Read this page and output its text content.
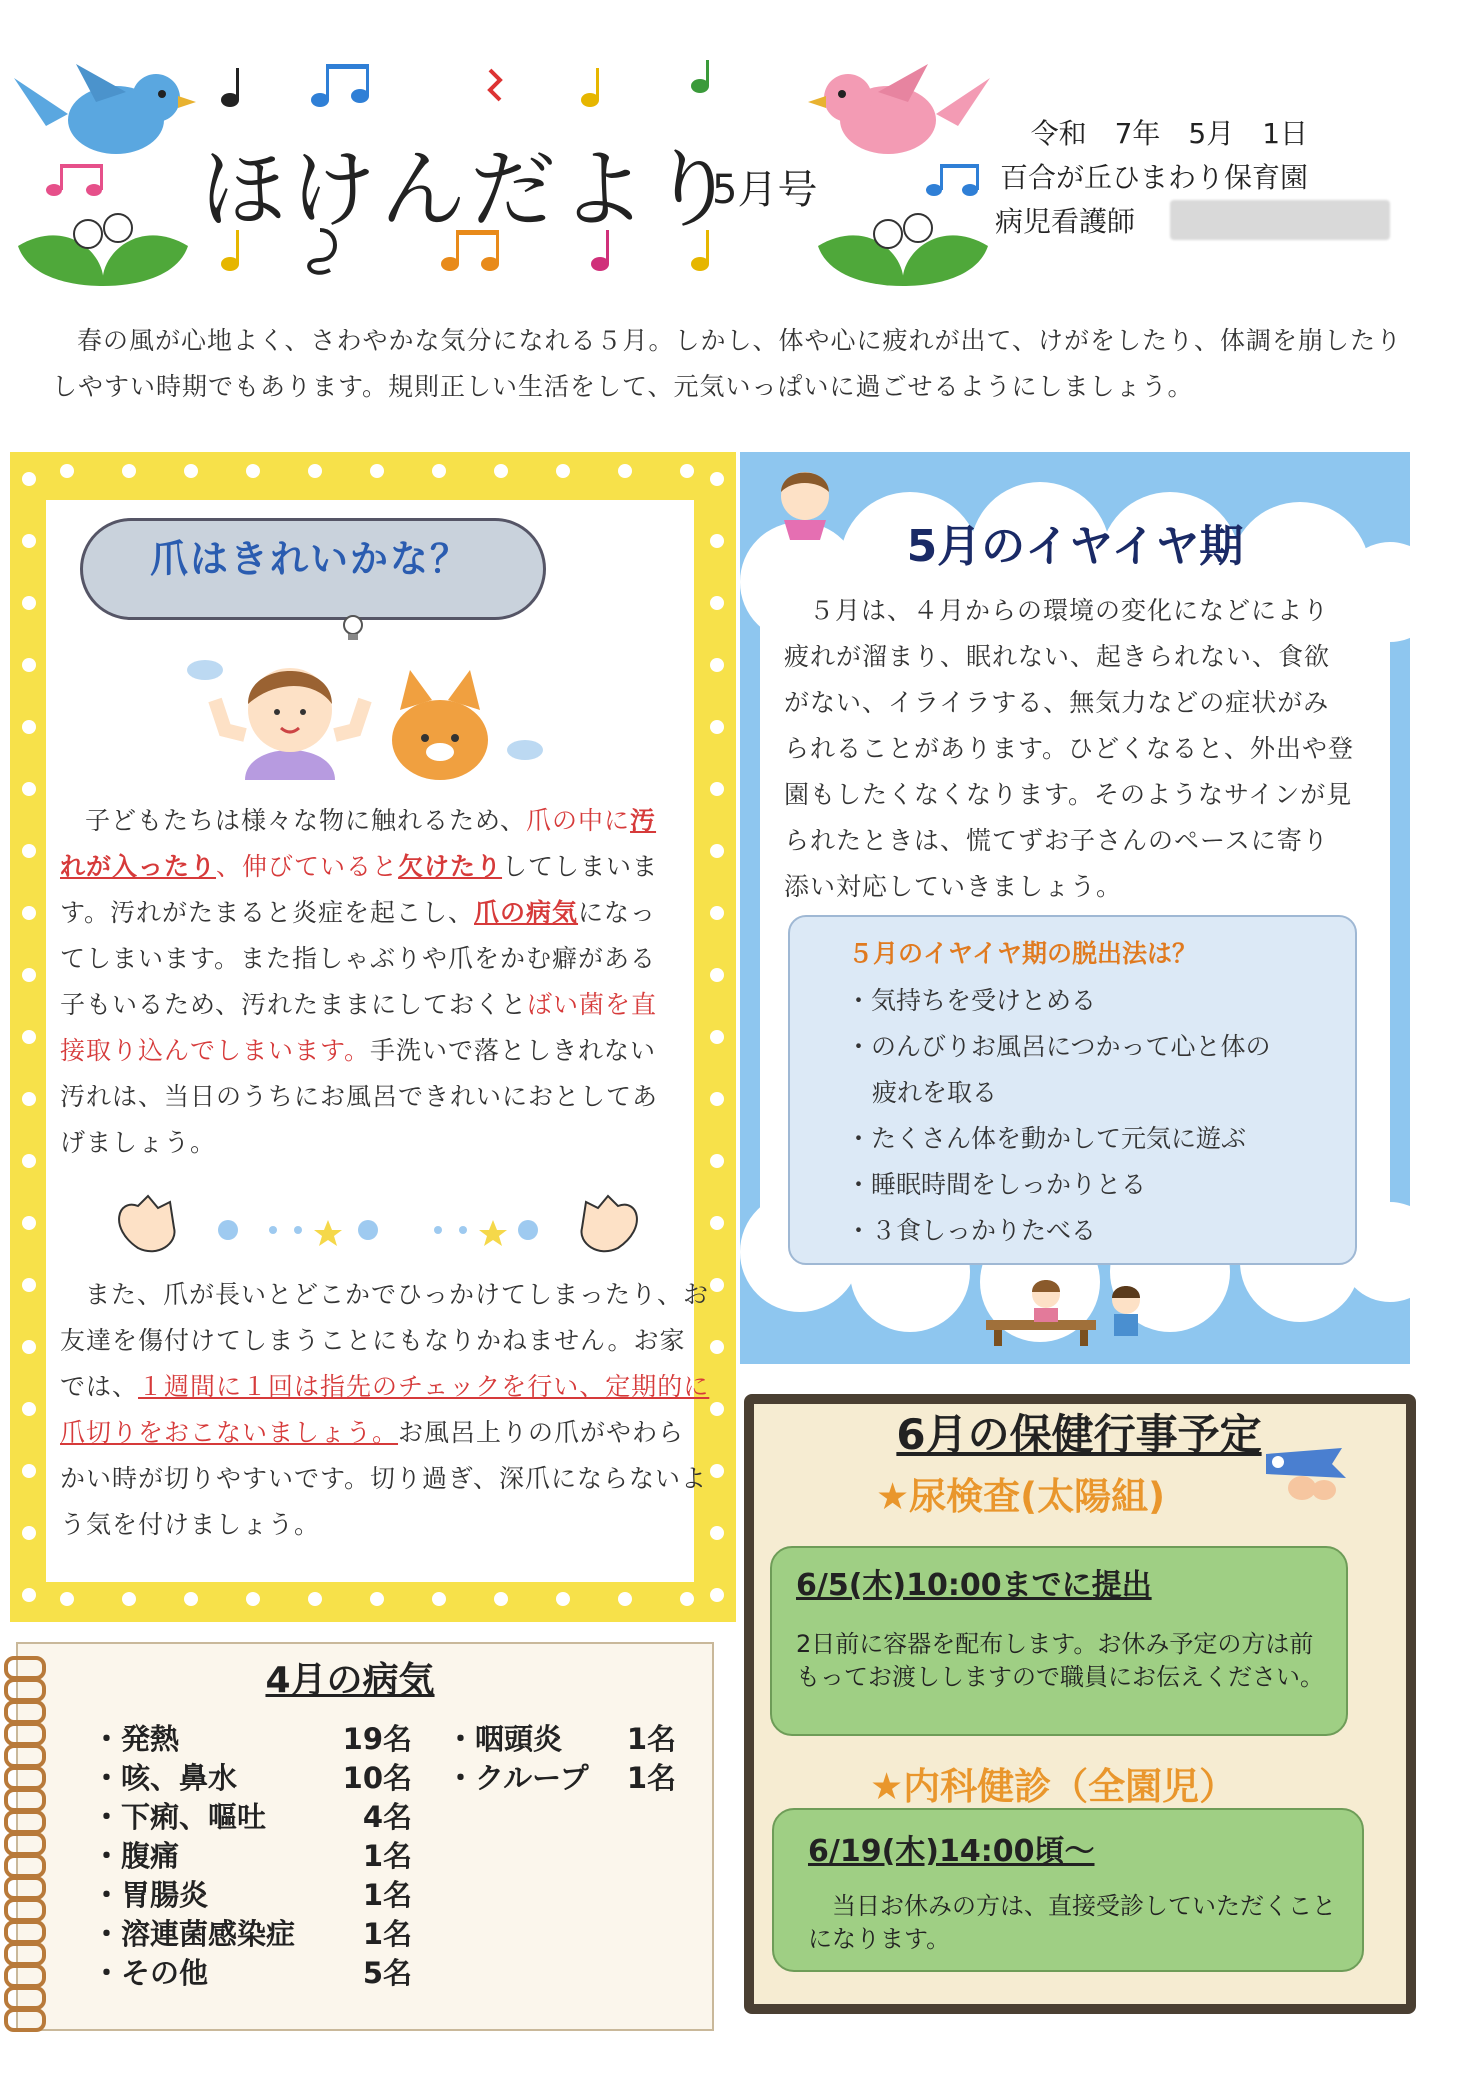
ほけんだより
5月号
令和　7年　5月　1日
百合が丘ひまわり保育園
病児看護師
春の風が心地よく、さわやかな気分になれる５月。しかし、体や心に疲れが出て、けがをしたり、体調を崩したりしやすい時期でもあります。規則正しい生活をして、元気いっぱいに過ごせるようにしましょう。
爪はきれいかな？
子どもたちは様々な物に触れるため、爪の中に汚れが入ったり、伸びていると欠けたりしてしまいます。汚れがたまると炎症を起こし、爪の病気になってしまいます。また指しゃぶりや爪をかむ癖がある子もいるため、汚れたままにしておくとばい菌を直接取り込んでしまいます。手洗いで落としきれない汚れは、当日のうちにお風呂できれいにおとしてあげましょう。
また、爪が長いとどこかでひっかけてしまったり、お友達を傷付けてしまうことにもなりかねません。お家では、１週間に１回は指先のチェックを行い、定期的に爪切りをおこないましょう。お風呂上りの爪がやわらかい時が切りやすいです。切り過ぎ、深爪にならないよう気を付けましょう。
5月のイヤイヤ期
５月は、４月からの環境の変化になどにより疲れが溜まり、眠れない、起きられない、食欲がない、イライラする、無気力などの症状がみられることがあります。ひどくなると、外出や登園もしたくなくなります。そのようなサインが見られたときは、慌てずお子さんのペースに寄り添い対応していきましょう。
５月のイヤイヤ期の脱出法は？
・気持ちを受けとめる
・のんびりお風呂につかって心と体の
疲れを取る
・たくさん体を動かして元気に遊ぶ
・睡眠時間をしっかりとる
・３食しっかりたべる
4月の病気
・発熱	19名
・咳、鼻水	10名
・下痢、嘔吐	4名
・腹痛	1名
・胃腸炎	1名
・溶連菌感染症 1名
・その他	5名
・咽頭炎 1名
・クループ 1名
6月の保健行事予定
★尿検査(太陽組)
6/5(木)10:00までに提出
2日前に容器を配布します。お休み予定の方は前もってお渡ししますので職員にお伝えください。
★内科健診（全園児）
6/19(木)14:00頃～
当日お休みの方は、直接受診していただくことになります。
